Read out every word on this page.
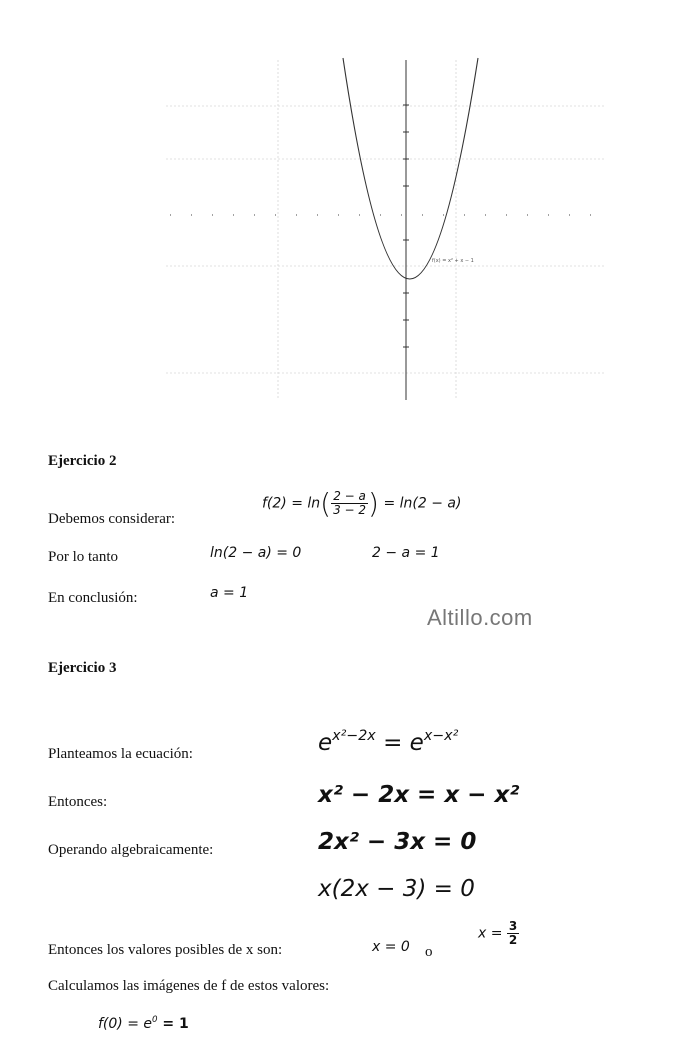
f(x) = x² + x − 1
Ejercicio 2
Debemos considerar:
$f(2) = \ln( \frac{2 - a}{3 - 2}$ ) = ln(2 − a)
Por lo tanto	ln(2 − a) = 0	2 − a = 1
En conclusión:	a = 1
Altillo.com
Ejercicio 3
Planteamos la ecuación:	$e^{x^2-2x} = e^{x-x^2}$
Entonces:	x² − 2x = x − x²
Operando algebraicamente:	2x² − 3x = 0
x(2x − 3) = 0
Entonces los valores posibles de x son:	x = 0 o
$x = \frac{3}{2}$
Calculamos las imágenes de f de estos valores:
$f(0) = e^0 = 1$
